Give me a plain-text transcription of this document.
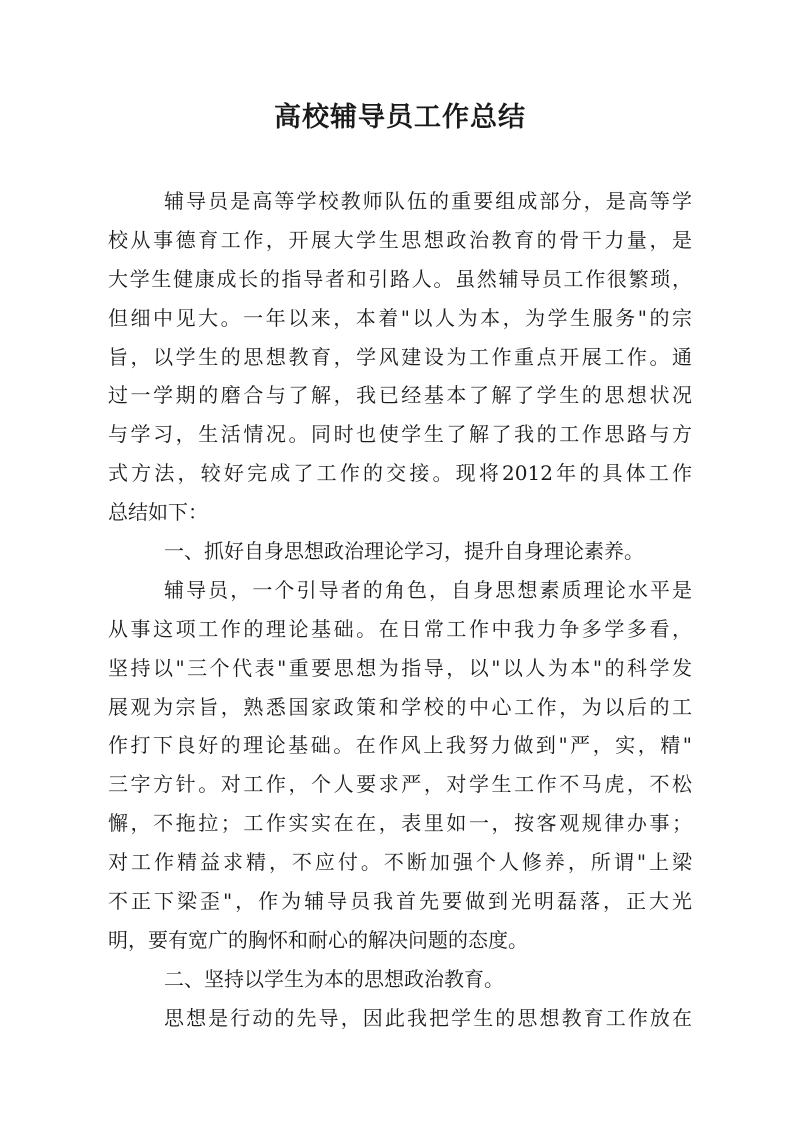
高校辅导员工作总结
辅导员是高等学校教师队伍的重要组成部分，是高等学
校从事德育工作，开展大学生思想政治教育的骨干力量，是
大学生健康成长的指导者和引路人。虽然辅导员工作很繁琐，
但细中见大。一年以来，本着"以人为本，为学生服务"的宗
旨，以学生的思想教育，学风建设为工作重点开展工作。通
过一学期的磨合与了解，我已经基本了解了学生的思想状况
与学习，生活情况。同时也使学生了解了我的工作思路与方
式方法，较好完成了工作的交接。现将2012年的具体工作
总结如下：
一、抓好自身思想政治理论学习，提升自身理论素养。
辅导员，一个引导者的角色，自身思想素质理论水平是
从事这项工作的理论基础。在日常工作中我力争多学多看，
坚持以"三个代表"重要思想为指导，以"以人为本"的科学发
展观为宗旨，熟悉国家政策和学校的中心工作，为以后的工
作打下良好的理论基础。在作风上我努力做到"严，实，精"
三字方针。对工作，个人要求严，对学生工作不马虎，不松
懈，不拖拉；工作实实在在，表里如一，按客观规律办事；
对工作精益求精，不应付。不断加强个人修养，所谓"上梁
不正下梁歪"，作为辅导员我首先要做到光明磊落，正大光
明，要有宽广的胸怀和耐心的解决问题的态度。
二、坚持以学生为本的思想政治教育。
思想是行动的先导，因此我把学生的思想教育工作放在
